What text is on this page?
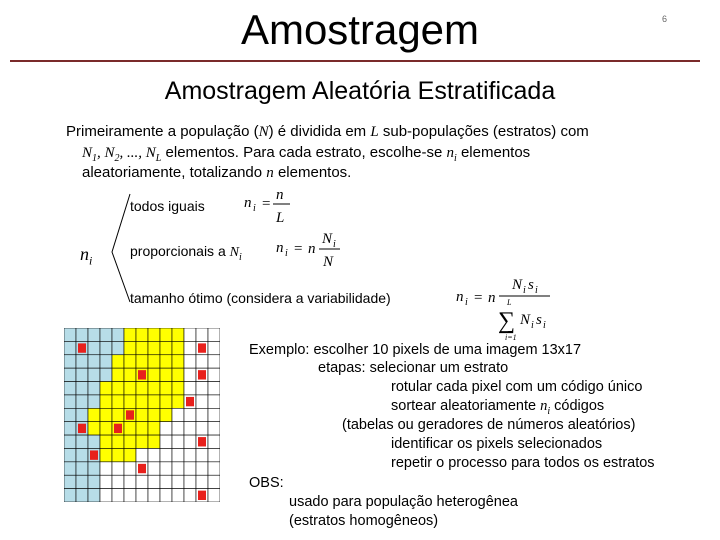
Amostragem	6
Amostragem Aleatória Estratificada
Primeiramente a população (N) é dividida em L sub-populações (estratos) com
$N_1$, $N_2$, ..., $N_L$ elementos. Para cada estrato, escolhe-se $n_i$ elementos
aleatoriamente, totalizando n elementos.
$n_i$
todos iguais
proporcionais a $N_i$
tamanho ótimo (considera a variabilidade)
n i =
n
L
n i = n
N i
N
n i = n
N i s i
L
∑
i=1
N i s i
Exemplo: escolher 10 pixels de uma imagem 13x17
etapas: selecionar um estrato
rotular cada pixel com um código único
sortear aleatoriamente $n_i$ códigos
(tabelas ou geradores de números aleatórios)
identificar os pixels selecionados
repetir o processo para todos os estratos
OBS:
usado para população heterogênea
(estratos homogêneos)
